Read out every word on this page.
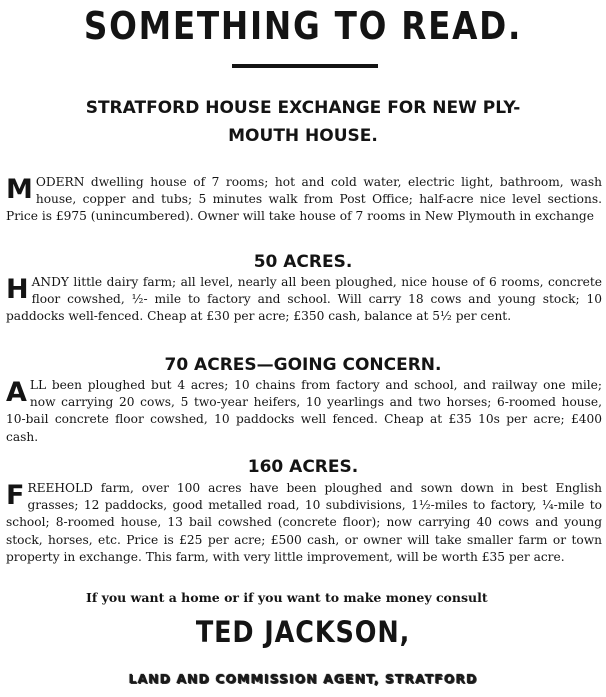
SOMETHING TO READ.
STRATFORD HOUSE EXCHANGE FOR NEW PLY-
MOUTH HOUSE.
MODERN dwelling house of 7 rooms; hot and cold water, electric light, bathroom, wash house, copper and tubs; 5 minutes walk from Post Office; half-acre nice level sections. Price is £975 (unincumbered). Owner will take house of 7 rooms in New Plymouth in exchange
50 ACRES.
HANDY little dairy farm; all level, nearly all been ploughed, nice house of 6 rooms, concrete floor cowshed, ½- mile to factory and school. Will carry 18 cows and young stock; 10 paddocks well-fenced. Cheap at £30 per acre; £350 cash, balance at 5½ per cent.
70 ACRES—GOING CONCERN.
ALL been ploughed but 4 acres; 10 chains from factory and school, and railway one mile; now carrying 20 cows, 5 two-year heifers, 10 yearlings and two horses; 6-roomed house, 10-bail concrete floor cowshed, 10 paddocks well fenced. Cheap at £35 10s per acre; £400 cash.
160 ACRES.
FREEHOLD farm, over 100 acres have been ploughed and sown down in best English grasses; 12 paddocks, good metalled road, 10 subdivisions, 1½-miles to factory, ¼-mile to school; 8-roomed house, 13 bail cowshed (concrete floor); now carrying 40 cows and young stock, horses, etc. Price is £25 per acre; £500 cash, or owner will take smaller farm or town property in exchange. This farm, with very little improvement, will be worth £35 per acre.
If you want a home or if you want to make money consult
TED JACKSON,
LAND AND COMMISSION AGENT, STRATFORD
